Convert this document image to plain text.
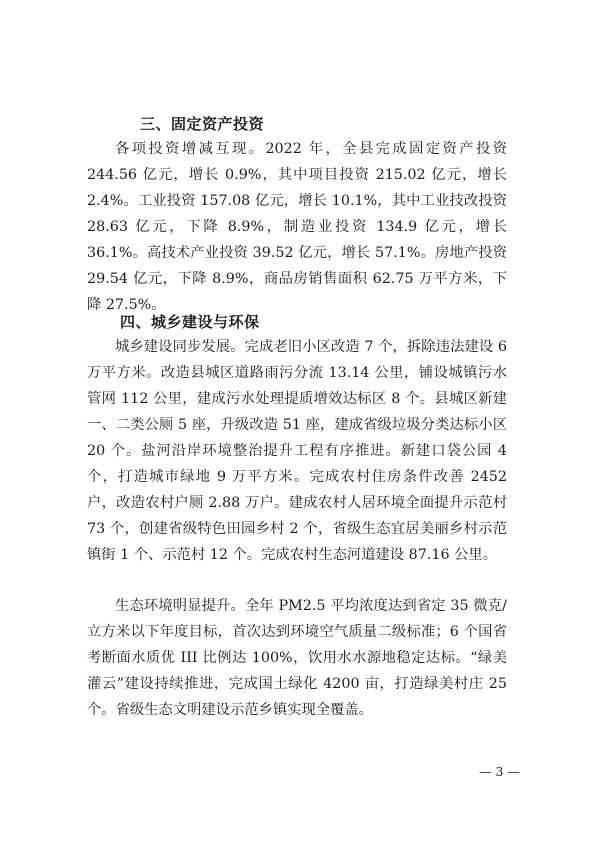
三、固定资产投资

各项投资增减互现。2022 年，全县完成固定资产投资 244.56 亿元，增长 0.9%，其中项目投资 215.02 亿元，增长 2.4%。工业投资 157.08 亿元，增长 10.1%，其中工业技改投资 28.63 亿元，下降 8.9%，制造业投资 134.9 亿元，增长 36.1%。高技术产业投资 39.52 亿元，增长 57.1%。房地产投资 29.54 亿元，下降 8.9%，商品房销售面积 62.75 万平方米，下降 27.5%。

四、城乡建设与环保

城乡建设同步发展。完成老旧小区改造 7 个，拆除违法建设 6 万平方米。改造县城区道路雨污分流 13.14 公里，铺设城镇污水管网 112 公里，建成污水处理提质增效达标区 8 个。县城区新建一、二类公厕 5 座，升级改造 51 座，建成省级垃圾分类达标小区 20 个。盐河沿岸环境整治提升工程有序推进。新建口袋公园 4 个，打造城市绿地 9 万平方米。完成农村住房条件改善 2452 户，改造农村户厕 2.88 万户。建成农村人居环境全面提升示范村 73 个，创建省级特色田园乡村 2 个，省级生态宜居美丽乡村示范镇街 1 个、示范村 12 个。完成农村生态河道建设 87.16 公里。

生态环境明显提升。全年 PM2.5 平均浓度达到省定 35 微克/立方米以下年度目标，首次达到环境空气质量二级标准；6 个国省考断面水质优 III 比例达 100%，饮用水水源地稳定达标。“绿美灌云”建设持续推进，完成国土绿化 4200 亩，打造绿美村庄 25 个。省级生态文明建设示范乡镇实现全覆盖。

— 3 —
